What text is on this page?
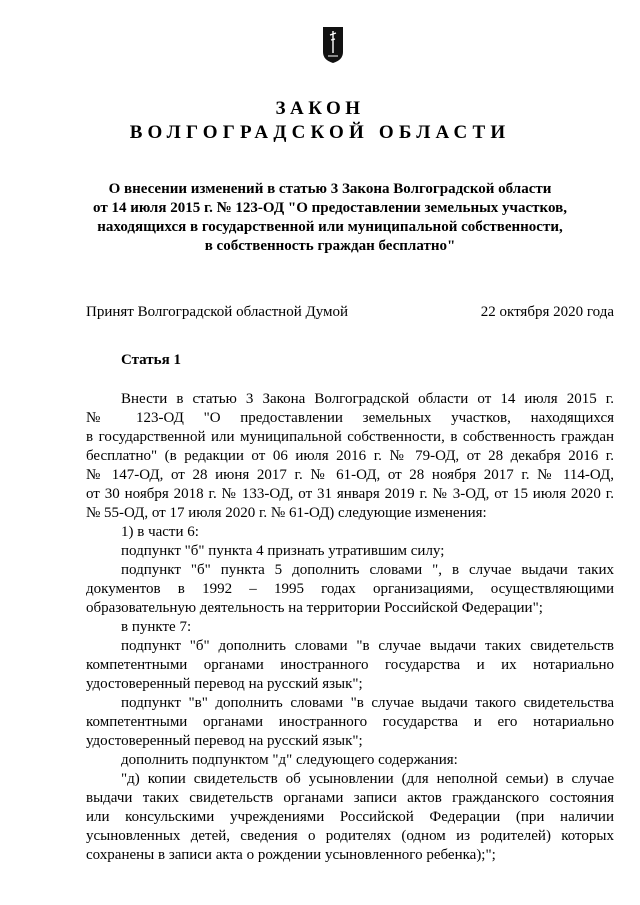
ЗАКОН
ВОЛГОГРАДСКОЙ ОБЛАСТИ
О внесении изменений в статью 3 Закона Волгоградской области
от 14 июля 2015 г. № 123-ОД "О предоставлении земельных участков,
находящихся в государственной или муниципальной собственности,
в собственность граждан бесплатно"
Принят Волгоградской областной Думой	22 октября 2020 года
Статья 1
Внести в статью 3 Закона Волгоградской области от 14 июля 2015 г.
№ 123-ОД "О предоставлении земельных участков, находящихся
в государственной или муниципальной собственности, в собственность граждан
бесплатно" (в редакции от 06 июля 2016 г. № 79-ОД, от 28 декабря 2016 г.
№ 147-ОД, от 28 июня 2017 г. № 61-ОД, от 28 ноября 2017 г. № 114-ОД,
от 30 ноября 2018 г. № 133-ОД, от 31 января 2019 г. № 3-ОД, от 15 июля 2020 г.
№ 55-ОД, от 17 июля 2020 г. № 61-ОД) следующие изменения:
1) в части 6:
подпункт "б" пункта 4 признать утратившим силу;
подпункт "б" пункта 5 дополнить словами ", в случае выдачи таких
документов в 1992 – 1995 годах организациями, осуществляющими
образовательную деятельность на территории Российской Федерации";
в пункте 7:
подпункт "б" дополнить словами "в случае выдачи таких свидетельств
компетентными органами иностранного государства и их нотариально
удостоверенный перевод на русский язык";
подпункт "в" дополнить словами "в случае выдачи такого свидетельства
компетентными органами иностранного государства и его нотариально
удостоверенный перевод на русский язык";
дополнить подпунктом "д" следующего содержания:
"д) копии свидетельств об усыновлении (для неполной семьи) в случае
выдачи таких свидетельств органами записи актов гражданского состояния
или консульскими учреждениями Российской Федерации (при наличии
усыновленных детей, сведения о родителях (одном из родителей) которых
сохранены в записи акта о рождении усыновленного ребенка);";
